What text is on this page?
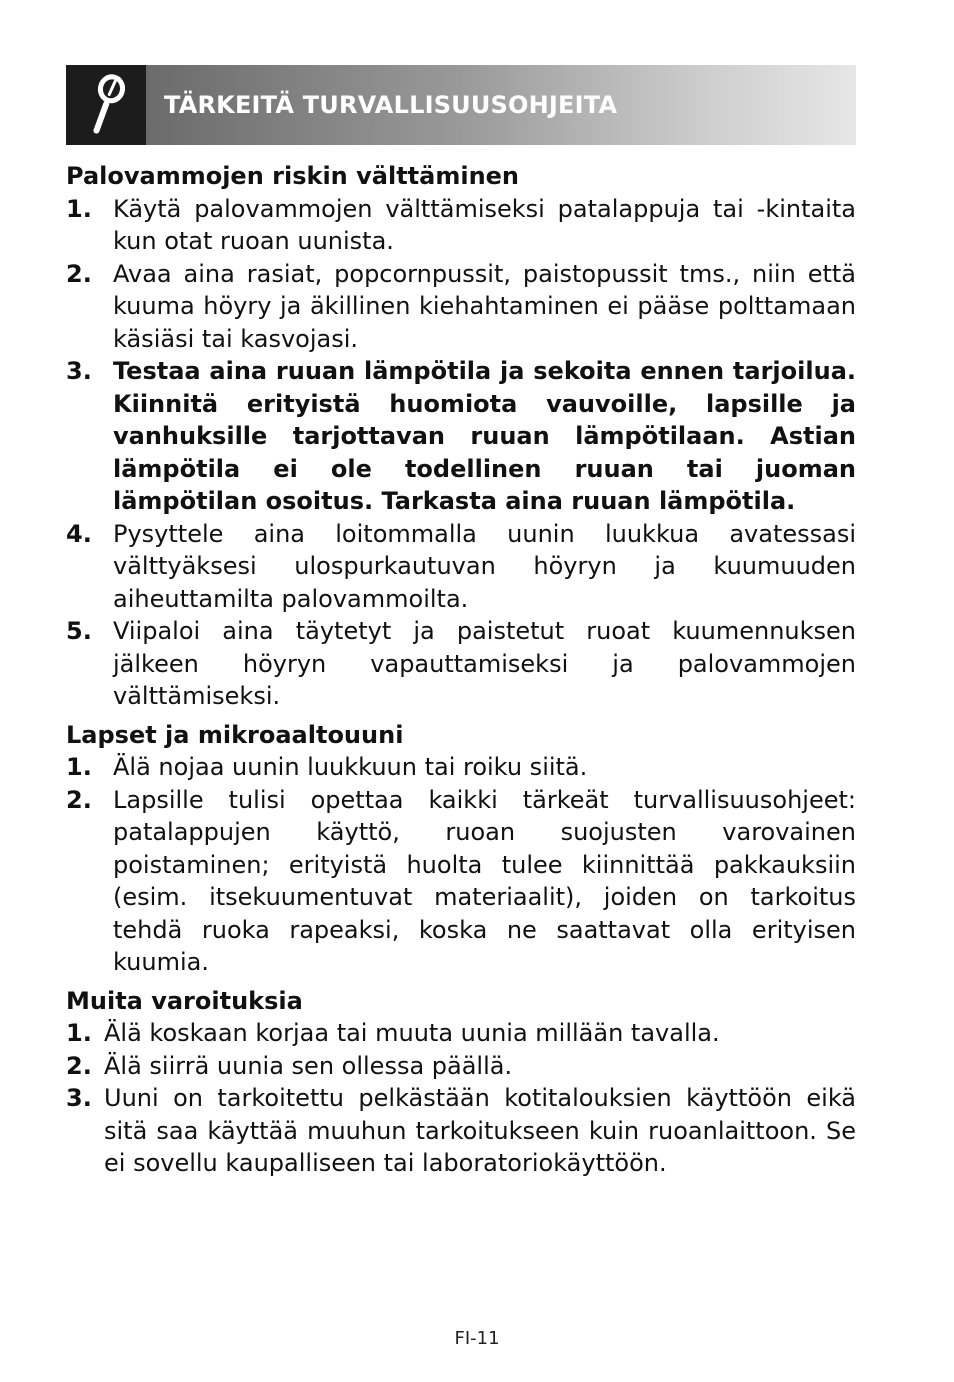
TÄRKEITÄ TURVALLISUUSOHJEITA
Palovammojen riskin välttäminen
1. Käytä palovammojen välttämiseksi patalappuja tai -kintaita kun otat ruoan uunista.
2. Avaa aina rasiat, popcornpussit, paistopussit tms., niin että kuuma höyry ja äkillinen kiehahtaminen ei pääse polttamaan käsiäsi tai kasvojasi.
3. Testaa aina ruuan lämpötila ja sekoita ennen tarjoilua. Kiinnitä erityistä huomiota vauvoille, lapsille ja vanhuksille tarjottavan ruuan lämpötilaan. Astian lämpötila ei ole todellinen ruuan tai juoman lämpötilan osoitus. Tarkasta aina ruuan lämpötila.
4. Pysyttele aina loitommalla uunin luukkua avatessasi välttyäksesi ulospurkautuvan höyryn ja kuumuuden aiheuttamilta palovammoilta.
5. Viipaloi aina täytetyt ja paistetut ruoat kuumennuksen jälkeen höyryn vapauttamiseksi ja palovammojen välttämiseksi.
Lapset ja mikroaaltouuni
1. Älä nojaa uunin luukkuun tai roiku siitä.
2. Lapsille tulisi opettaa kaikki tärkeät turvallisuusohjeet: patalappujen käyttö, ruoan suojusten varovainen poistaminen; erityistä huolta tulee kiinnittää pakkauksiin (esim. itsekuumentuvat materiaalit), joiden on tarkoitus tehdä ruoka rapeaksi, koska ne saattavat olla erityisen kuumia.
Muita varoituksia
1. Älä koskaan korjaa tai muuta uunia millään tavalla.
2. Älä siirrä uunia sen ollessa päällä.
3. Uuni on tarkoitettu pelkästään kotitalouksien käyttöön eikä sitä saa käyttää muuhun tarkoitukseen kuin ruoanlaittoon. Se ei sovellu kaupalliseen tai laboratoriokäyttöön.
FI-11
